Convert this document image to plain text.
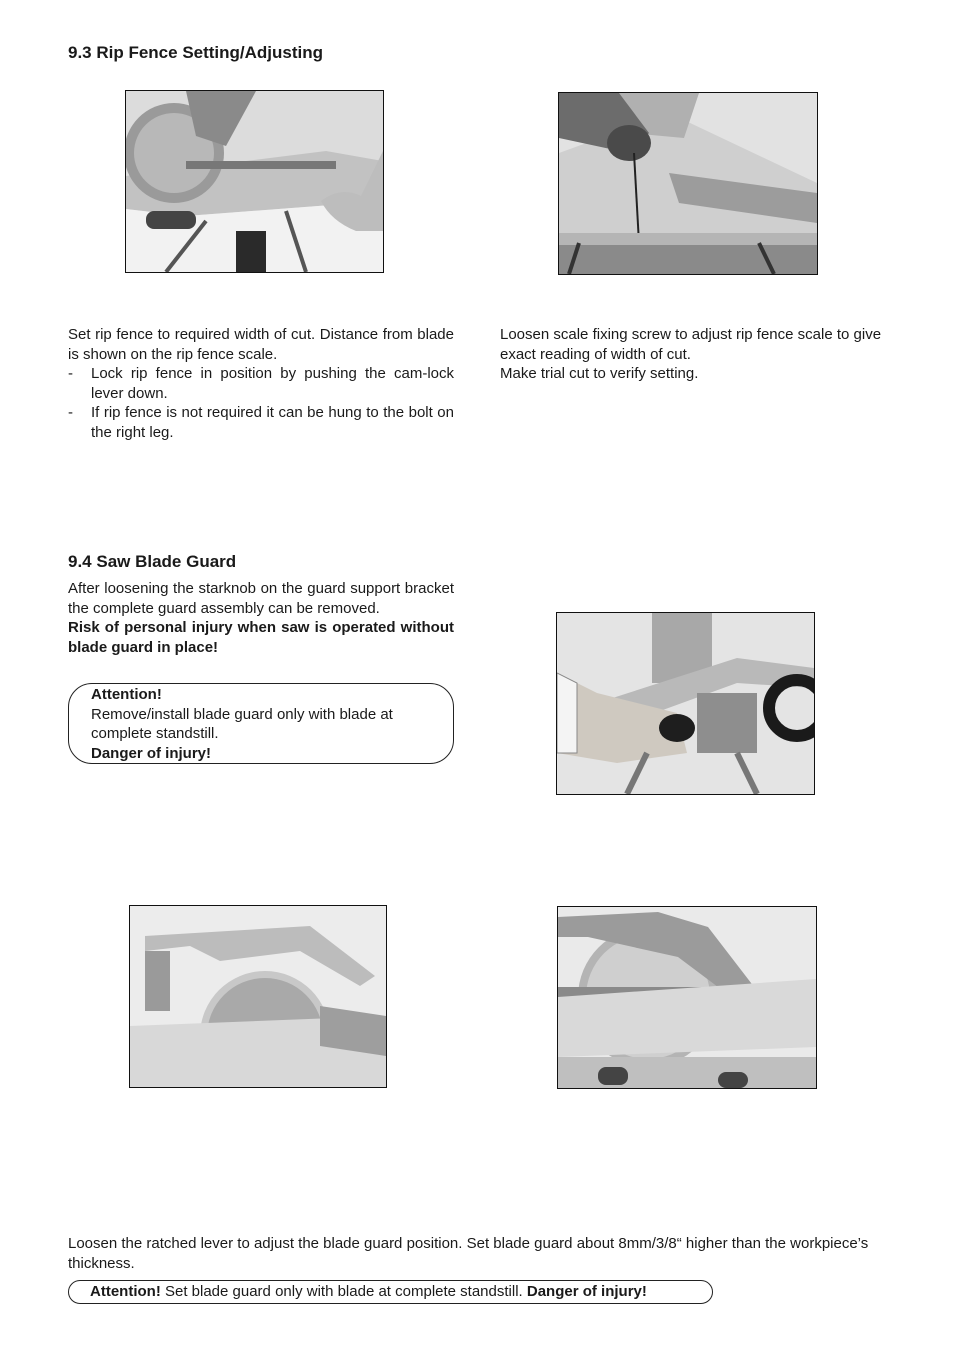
9.3 Rip Fence Setting/Adjusting
Set rip fence to required width of cut. Distance from blade is shown on the rip fence scale.
-	Lock rip fence in position by pushing the cam-lock lever down.
-	If rip fence is not required it can be hung to the bolt on the right leg.
Loosen scale fixing screw to adjust rip fence scale to give exact reading of width of cut.
Make trial cut to verify setting.
9.4 Saw Blade Guard
After loosening the starknob on the guard support bracket the complete guard assembly can be removed.
Risk of personal injury when saw is operated without blade guard in place!
Attention!
Remove/install blade guard only with blade at complete standstill.
Danger of injury!
Loosen the ratched lever to adjust the blade guard position. Set blade guard about 8mm/3/8“ higher than the workpiece’s thickness.
Attention! Set blade guard only with blade at complete standstill. Danger of injury!
